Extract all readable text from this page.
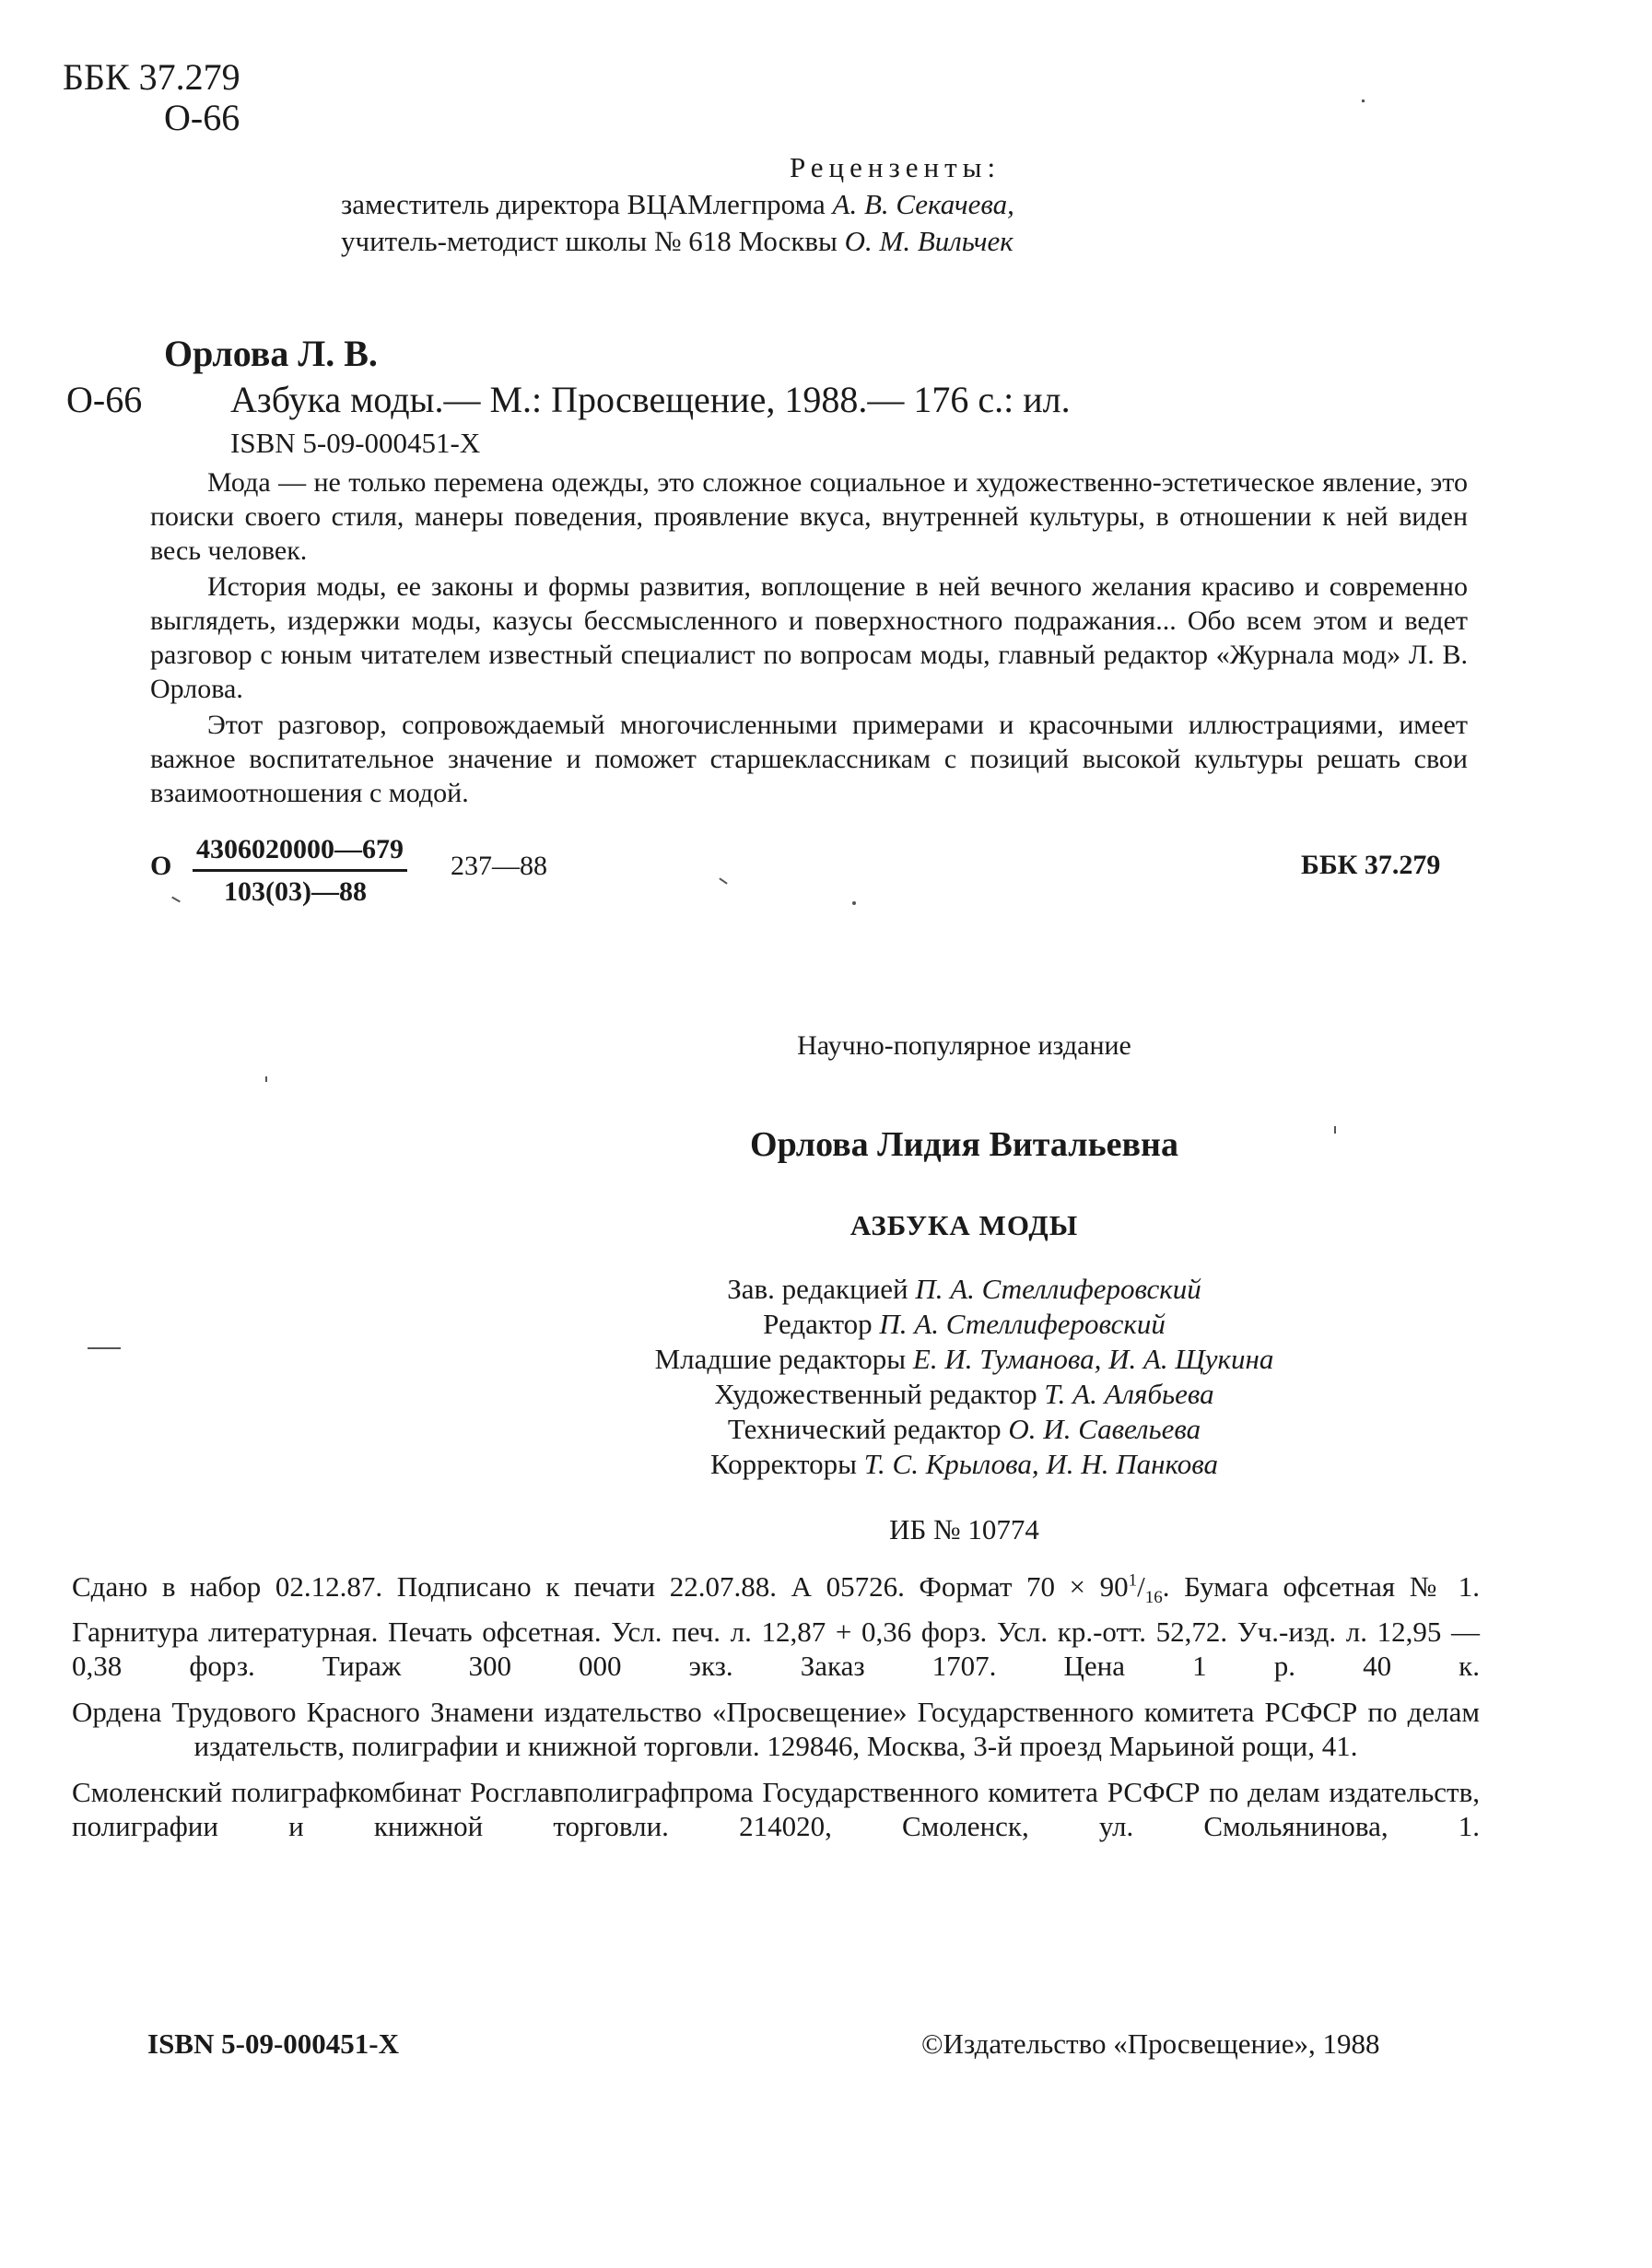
ББК 37.279
О-66
Рецензенты:
заместитель директора ВЦАМлегпрома А. В. Секачева,
учитель-методист школы № 618 Москвы О. М. Вильчек
Орлова Л. В.
О-66 Азбука моды.— М.: Просвещение, 1988.— 176 с.: ил.
ISBN 5-09-000451-X

Мода — не только перемена одежды, это сложное социальное и художественно-эстетическое явление, это поиски своего стиля, манеры поведения, проявление вкуса, внутренней культуры, в отношении к ней виден весь человек.

История моды, ее законы и формы развития, воплощение в ней вечного желания красиво и современно выглядеть, издержки моды, казусы бессмысленного и поверхностного подражания... Обо всем этом и ведет разговор с юным читателем известный специалист по вопросам моды, главный редактор «Журнала мод» Л. В. Орлова.

Этот разговор, сопровождаемый многочисленными примерами и красочными иллюстрациями, имеет важное воспитательное значение и поможет старшеклассникам с позиций высокой культуры решать свои взаимоотношения с модой.

О
4306020000—679
103(03)—88
237—88	ББК 37.279
Научно-популярное издание
Орлова Лидия Витальевна
АЗБУКА МОДЫ
Зав. редакцией П. А. Стеллиферовский
Редактор П. А. Стеллиферовский
Младшие редакторы Е. И. Туманова, И. А. Щукина
Художественный редактор Т. А. Алябьева
Технический редактор О. И. Савельева
Корректоры Т. С. Крылова, И. Н. Панкова
ИБ № 10774

Сдано в набор 02.12.87. Подписано к печати 22.07.88. А 05726. Формат $70 \times 90^1/_{16}$. Бумага офсетная № 1. Гарнитура литературная. Печать офсетная. Усл. печ. л. 12,87 + 0,36 форз. Усл. кр.-отт. 52,72. Уч.-изд. л. 12,95 — 0,38 форз. Тираж 300 000 экз. Заказ 1707. Цена 1 р. 40 к.

Ордена Трудового Красного Знамени издательство «Просвещение» Государственного комитета РСФСР по делам издательств, полиграфии и книжной торговли. 129846, Москва, 3-й проезд Марьиной рощи, 41.

Смоленский полиграфкомбинат Росглавполиграфпрома Государственного комитета РСФСР по делам издательств, полиграфии и книжной торговли. 214020, Смоленск, ул. Смольянинова, 1.

ISBN 5-09-000451-X	©Издательство «Просвещение», 1988
